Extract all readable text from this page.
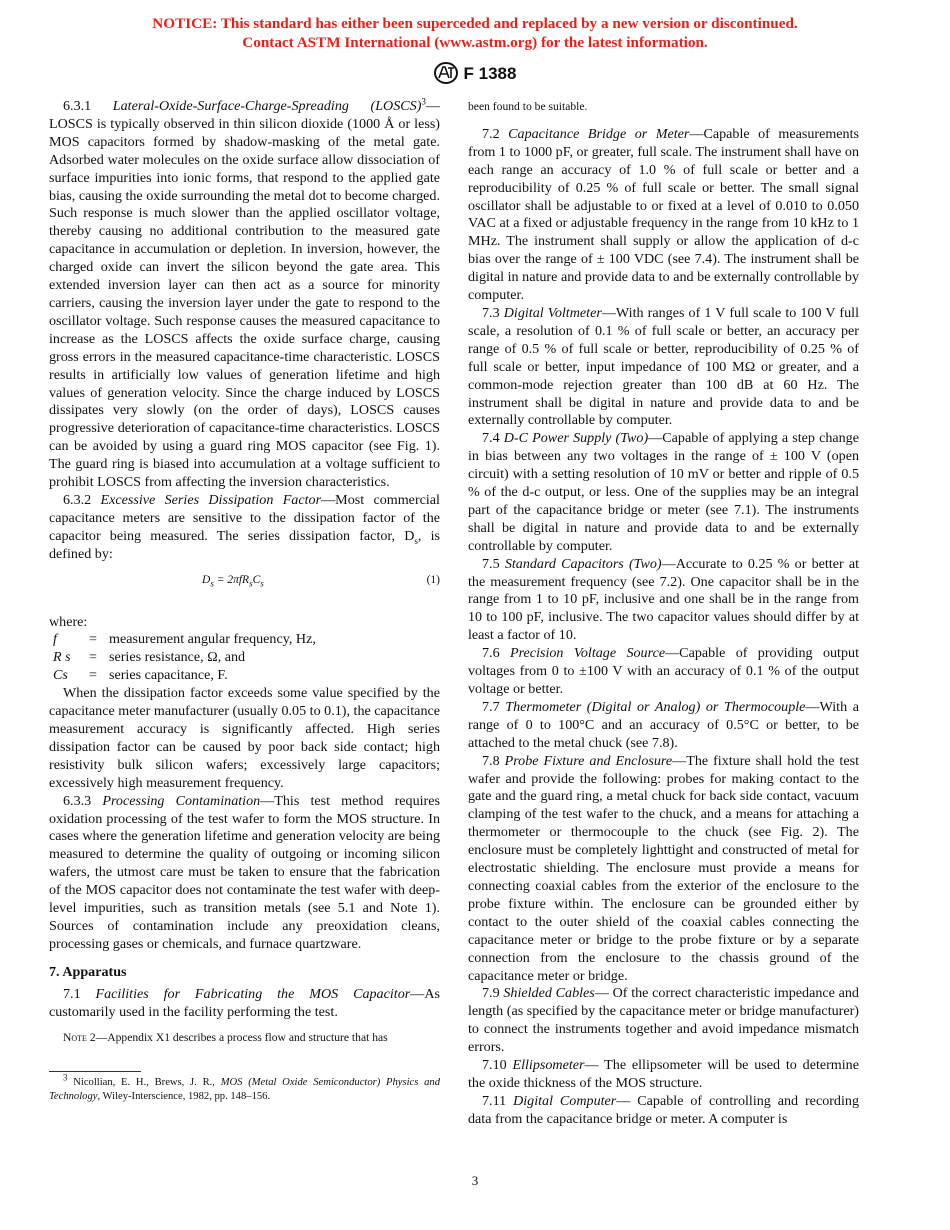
NOTICE: This standard has either been superceded and replaced by a new version or discontinued.
Contact ASTM International (www.astm.org) for the latest information.
F 1388

6.3.1 Lateral-Oxide-Surface-Charge-Spreading (LOSCS)$^3$—LOSCS is typically observed in thin silicon dioxide (1000 Å or less) MOS capacitors formed by shadow-masking of the metal gate. Adsorbed water molecules on the oxide surface allow dissociation of surface impurities into ionic forms, that respond to the applied gate bias, causing the oxide surrounding the metal dot to become charged. Such response is much slower than the applied oscillator voltage, thereby causing no additional contribution to the measured gate capacitance in accumulation or depletion. In inversion, however, the charged oxide can invert the silicon beyond the gate area. This extended inversion layer can then act as a source for minority carriers, causing the inversion layer under the gate to respond to the oscillator voltage. Such response causes the measured capacitance to increase as the LOSCS affects the oxide surface charge, causing gross errors in the measured capacitance-time characteristic. LOSCS results in artificially low values of generation lifetime and high values of generation velocity. Since the charge induced by LOSCS dissipates very slowly (on the order of days), LOSCS causes progressive deterioration of capacitance-time characteristics. LOSCS can be avoided by using a guard ring MOS capacitor (see Fig. 1). The guard ring is biased into accumulation at a voltage sufficient to prohibit LOSCS from affecting the inversion characteristics.

6.3.2 Excessive Series Dissipation Factor—Most commercial capacitance meters are sensitive to the dissipation factor of the capacitor being measured. The series dissipation factor, $D_s$, is defined by:

$D_s = 2\pi fR_sC_s$	(1)

where:

f	= measurement angular frequency, Hz,
R s	= series resistance, Ω, and
Cs	= series capacitance, F.

When the dissipation factor exceeds some value specified by the capacitance meter manufacturer (usually 0.05 to 0.1), the capacitance measurement accuracy is significantly affected. High series dissipation factor can be caused by poor back side contact; high resistivity bulk silicon wafers; excessively large capacitors; excessively high measurement frequency.

6.3.3 Processing Contamination—This test method requires oxidation processing of the test wafer to form the MOS structure. In cases where the generation lifetime and generation velocity are being measured to determine the quality of outgoing or incoming silicon wafers, the utmost care must be taken to ensure that the fabrication of the MOS capacitor does not contaminate the test wafer with deep-level impurities, such as transition metals (see 5.1 and Note 1). Sources of contamination include any preoxidation cleans, processing gases or chemicals, and furnace quartzware.

7. Apparatus

7.1 Facilities for Fabricating the MOS Capacitor—As customarily used in the facility performing the test.

Note 2—Appendix X1 describes a process flow and structure that has

$^3$ Nicollian, E. H., Brews, J. R., MOS (Metal Oxide Semiconductor) Physics and Technology, Wiley-Interscience, 1982, pp. 148–156.

been found to be suitable.

7.2 Capacitance Bridge or Meter—Capable of measurements from 1 to 1000 pF, or greater, full scale. The instrument shall have on each range an accuracy of 1.0 % of full scale or better and a reproducibility of 0.25 % of full scale or better. The small signal oscillator shall be adjustable to or fixed at a level of 0.010 to 0.050 VAC at a fixed or adjustable frequency in the range from 10 kHz to 1 MHz. The instrument shall supply or allow the application of d-c bias over the range of ± 100 VDC (see 7.4). The instrument shall be digital in nature and provide data to and be externally controllable by computer.

7.3 Digital Voltmeter—With ranges of 1 V full scale to 100 V full scale, a resolution of 0.1 % of full scale or better, an accuracy per range of 0.5 % of full scale or better, reproducibility of 0.25 % of full scale or better, input impedance of 100 MΩ or greater, and a common-mode rejection greater than 100 dB at 60 Hz. The instrument shall be digital in nature and provide data to and be externally controllable by computer.

7.4 D-C Power Supply (Two)—Capable of applying a step change in bias between any two voltages in the range of ± 100 V (open circuit) with a setting resolution of 10 mV or better and ripple of 0.5 % of the d-c output, or less. One of the supplies may be an integral part of the capacitance bridge or meter (see 7.1). The instruments shall be digital in nature and provide data to and be externally controllable by computer.

7.5 Standard Capacitors (Two)—Accurate to 0.25 % or better at the measurement frequency (see 7.2). One capacitor shall be in the range from 1 to 10 pF, inclusive and one shall be in the range from 10 to 100 pF, inclusive. The two capacitor values should differ by at least a factor of 10.

7.6 Precision Voltage Source—Capable of providing output voltages from 0 to ±100 V with an accuracy of 0.1 % of the output voltage or better.

7.7 Thermometer (Digital or Analog) or Thermocouple—With a range of 0 to 100°C and an accuracy of 0.5°C or better, to be attached to the metal chuck (see 7.8).

7.8 Probe Fixture and Enclosure—The fixture shall hold the test wafer and provide the following: probes for making contact to the gate and the guard ring, a metal chuck for back side contact, vacuum clamping of the test wafer to the chuck, and a means for attaching a thermometer or thermocouple to the chuck (see Fig. 2). The enclosure must be completely lighttight and constructed of metal for electrostatic shielding. The enclosure must provide a means for connecting coaxial cables from the exterior of the enclosure to the probe fixture within. The enclosure can be grounded either by contact to the outer shield of the coaxial cables connecting the capacitance meter or bridge to the probe fixture or by a separate connection from the enclosure to the chassis ground of the capacitance meter or bridge.

7.9 Shielded Cables— Of the correct characteristic impedance and length (as specified by the capacitance meter or bridge manufacturer) to connect the instruments together and avoid impedance mismatch errors.

7.10 Ellipsometer— The ellipsometer will be used to determine the oxide thickness of the MOS structure.

7.11 Digital Computer— Capable of controlling and recording data from the capacitance bridge or meter. A computer is

3
